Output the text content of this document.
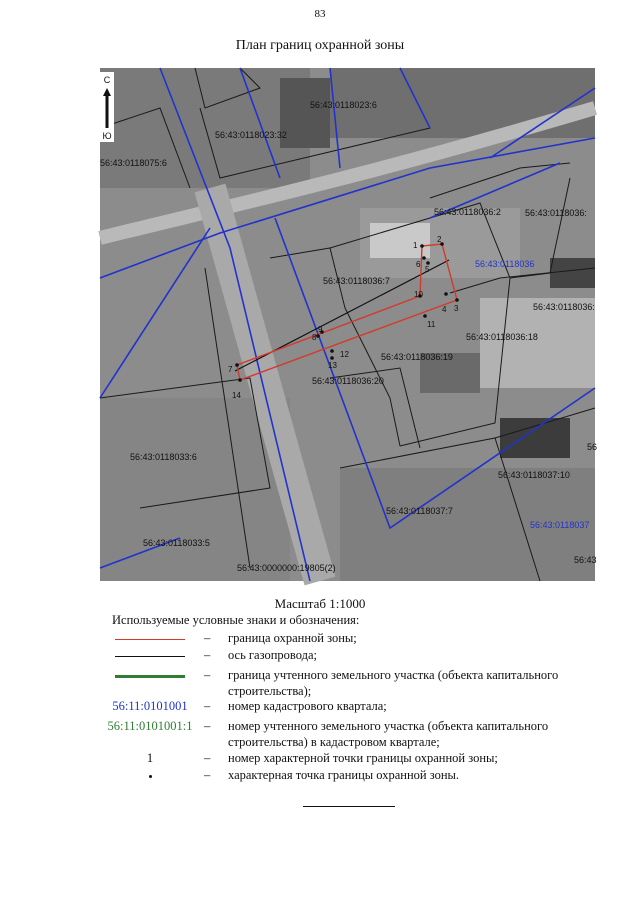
83
План границ охранной зоны
56:43:0118023:6
56:43:0118023:32
56:43:0118075:6
56:43:0118036:2	56:43:0118036:
56:43:0118036:7
56:43:0118036:
56:43:0118036:18
56:43:0118036:19
56:43:0118036:20
56:43:0118033:6
56:43:0118037:10
56:43:0118037:7
56:43:0118033:5
56:43:0000000:19805(2)
56
56:43:0118036
56:43:0118037
56:43
1
2
3
4
5
6
7
8
9
10
11
12
13
14
С
Ю
Масштаб 1:1000
Используемые условные знаки и обозначения:
– граница охранной зоны;
– ось газопровода;
– граница учтенного земельного участка (объекта капитального строительства);
56:11:0101001	– номер кадастрового квартала;
56:11:0101001:1 – номер учтенного земельного участка (объекта капитального строительства) в кадастровом квартале;
1	– номер характерной точки границы охранной зоны;
– характерная точка границы охранной зоны.
